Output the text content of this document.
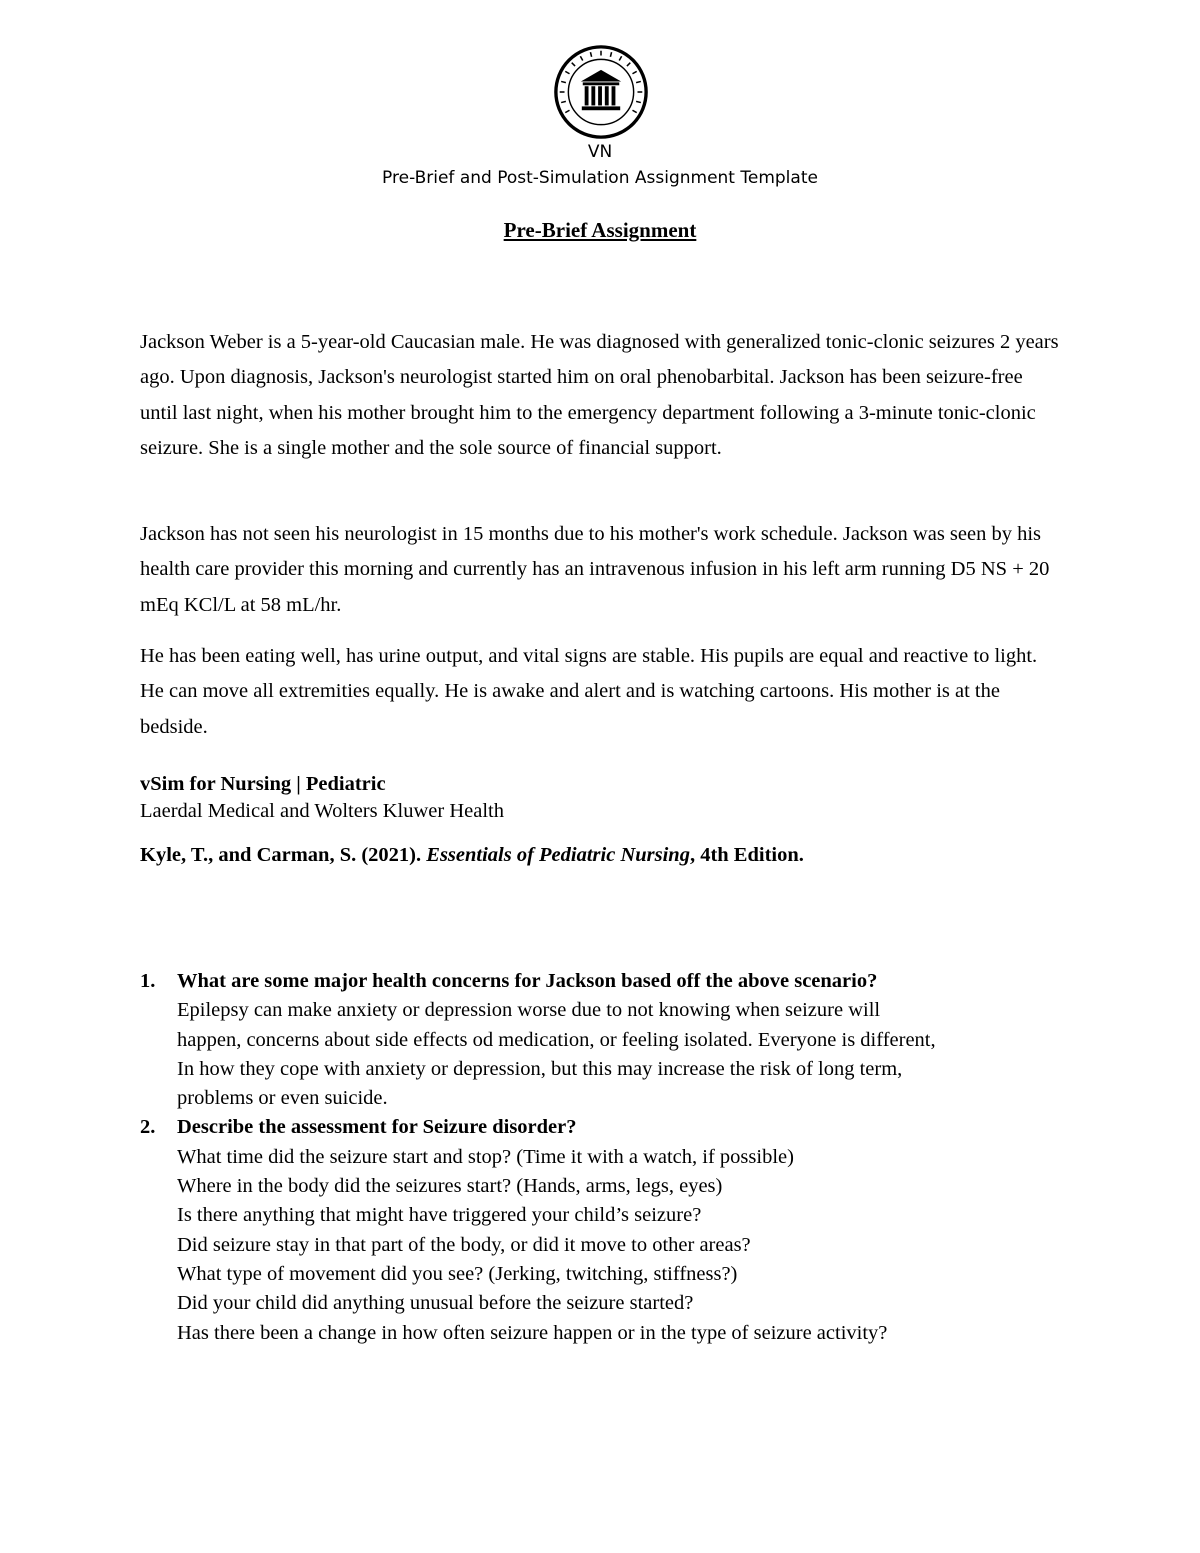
VN
Pre-Brief and Post-Simulation Assignment Template
Pre-Brief Assignment

Jackson Weber is a 5-year-old Caucasian male. He was diagnosed with generalized tonic-clonic seizures 2 years ago. Upon diagnosis, Jackson's neurologist started him on oral phenobarbital. Jackson has been seizure-free until last night, when his mother brought him to the emergency department following a 3-minute tonic-clonic seizure. She is a single mother and the sole source of financial support.

Jackson has not seen his neurologist in 15 months due to his mother's work schedule. Jackson was seen by his health care provider this morning and currently has an intravenous infusion in his left arm running D5 NS + 20 mEq KCl/L at 58 mL/hr.

He has been eating well, has urine output, and vital signs are stable. His pupils are equal and reactive to light. He can move all extremities equally. He is awake and alert and is watching cartoons. His mother is at the bedside.

vSim for Nursing | Pediatric
Laerdal Medical and Wolters Kluwer Health
Kyle, T., and Carman, S. (2021). Essentials of Pediatric Nursing, 4th Edition.
1. What are some major health concerns for Jackson based off the above scenario?
Epilepsy can make anxiety or depression worse due to not knowing when seizure will
happen, concerns about side effects od medication, or feeling isolated. Everyone is different,
In how they cope with anxiety or depression, but this may increase the risk of long term,
problems or even suicide.
2. Describe the assessment for Seizure disorder?
What time did the seizure start and stop? (Time it with a watch, if possible)
Where in the body did the seizures start? (Hands, arms, legs, eyes)
Is there anything that might have triggered your child’s seizure?
Did seizure stay in that part of the body, or did it move to other areas?
What type of movement did you see? (Jerking, twitching, stiffness?)
Did your child did anything unusual before the seizure started?
Has there been a change in how often seizure happen or in the type of seizure activity?
